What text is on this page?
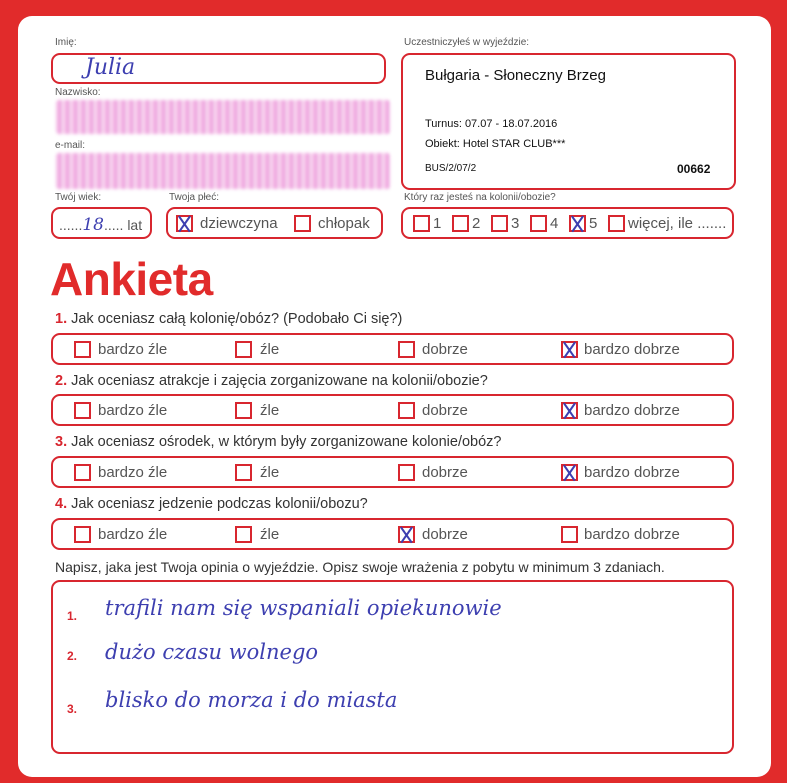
Imię:
Julia
Nazwisko:
e-mail:
Twój wiek:
......18..... lat
Twoja płeć:
dziewczyna	chłopak
Uczestniczyłeś w wyjeździe:
Bułgaria - Słoneczny Brzeg
Turnus: 07.07 - 18.07.2016
Obiekt: Hotel STAR CLUB***
BUS/2/07/2	00662
Który raz jesteś na kolonii/obozie?
1 2 3 4 5 więcej, ile .......
Ankieta
1. Jak oceniasz całą kolonię/obóz? (Podobało Ci się?)
bardzo źle	źle	dobrze	bardzo dobrze
2. Jak oceniasz atrakcje i zajęcia zorganizowane na kolonii/obozie?
bardzo źle	źle	dobrze	bardzo dobrze
3. Jak oceniasz ośrodek, w którym były zorganizowane kolonie/obóz?
bardzo źle	źle	dobrze	bardzo dobrze
4. Jak oceniasz jedzenie podczas kolonii/obozu?
bardzo źle	źle	dobrze	bardzo dobrze
Napisz, jaka jest Twoja opinia o wyjeździe. Opisz swoje wrażenia z pobytu w minimum 3 zdaniach.
1. trafili nam się wspaniali opiekunowie
2. dużo czasu wolnego
3. blisko do morza i do miasta
